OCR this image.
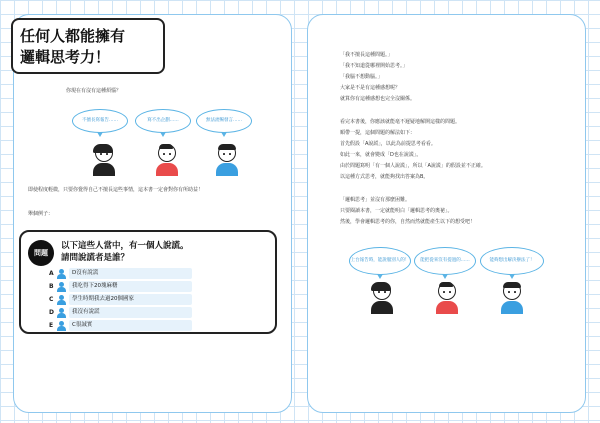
任何人都能擁有
邏輯思考力！
你現在有沒有這種煩惱？
不擅長寫報告……	寫不出企劃……	無法流暢發言……
即使程度輕微，只要你覺得自己不擅長這些事情，這本書一定會對你有所助益！
舉個例子：
問題
以下這些人當中，有一個人說謊。
請問說謊者是誰？
A	D沒有說謊
B	我吃得下20塊麻糬
C	學生時期我去過20個國家
D	我沒有說謊
E	C很誠實
「我不擅長這種問題。」
「我不知道從哪裡開始思考。」
「我腦不想動腦。」
大家是不是有這種感想呢？
就算你有這種感想也完全沒關係。
看完本書後，你應該就能毫不遲疑地解開這樣的問題。
順帶一提，這個問題的解法如下：
首先假設「A說謊」，以此為前提思考看看。
如此一來，就會變成「D也在說謊」。
由於問題寫明「有一個人說謊」，所以「A說謊」的假設並不正確。
以這種方式思考，就能夠找出答案為B。
「邏輯思考」並沒有那麼困難。
只要閱讀本書，一定就能明白「邏輯思考的奧祕」。
然後，學會邏輯思考的你，自然而然就能產生以下的想受吧！
上台報告時，能說服別人的！	能把從來沒有提過的……	能夠想出解決辦法了！
